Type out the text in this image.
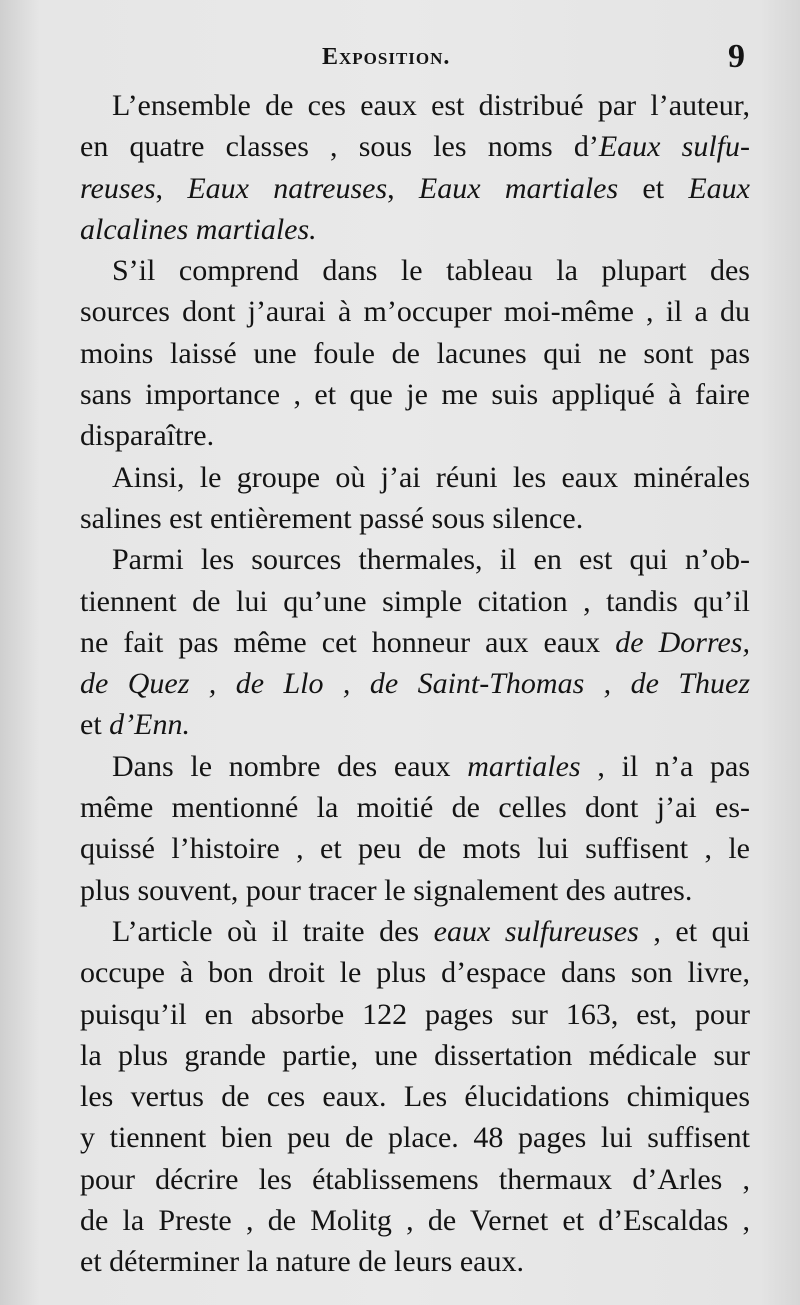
Exposition.	9
L’ensemble de ces eaux est distribué par l’auteur,
en quatre classes , sous les noms d’Eaux sulfu-
reuses, Eaux natreuses, Eaux martiales et Eaux
alcalines martiales.
S’il comprend dans le tableau la plupart des
sources dont j’aurai à m’occuper moi-même , il a du
moins laissé une foule de lacunes qui ne sont pas
sans importance , et que je me suis appliqué à faire
disparaître.
Ainsi, le groupe où j’ai réuni les eaux minérales
salines est entièrement passé sous silence.
Parmi les sources thermales, il en est qui n’ob-
tiennent de lui qu’une simple citation , tandis qu’il
ne fait pas même cet honneur aux eaux de Dorres,
de Quez , de Llo , de Saint-Thomas , de Thuez
et d’Enn.
Dans le nombre des eaux martiales , il n’a pas
même mentionné la moitié de celles dont j’ai es-
quissé l’histoire , et peu de mots lui suffisent , le
plus souvent, pour tracer le signalement des autres.
L’article où il traite des eaux sulfureuses , et qui
occupe à bon droit le plus d’espace dans son livre,
puisqu’il en absorbe 122 pages sur 163, est, pour
la plus grande partie, une dissertation médicale sur
les vertus de ces eaux. Les élucidations chimiques
y tiennent bien peu de place. 48 pages lui suffisent
pour décrire les établissemens thermaux d’Arles ,
de la Preste , de Molitg , de Vernet et d’Escaldas ,
et déterminer la nature de leurs eaux.
